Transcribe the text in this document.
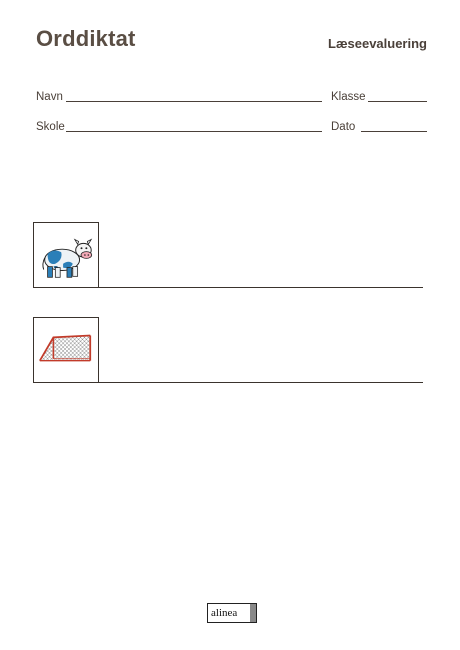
Orddiktat	Læseevaluering
Navn	Klasse
Skole	Dato
alinea
